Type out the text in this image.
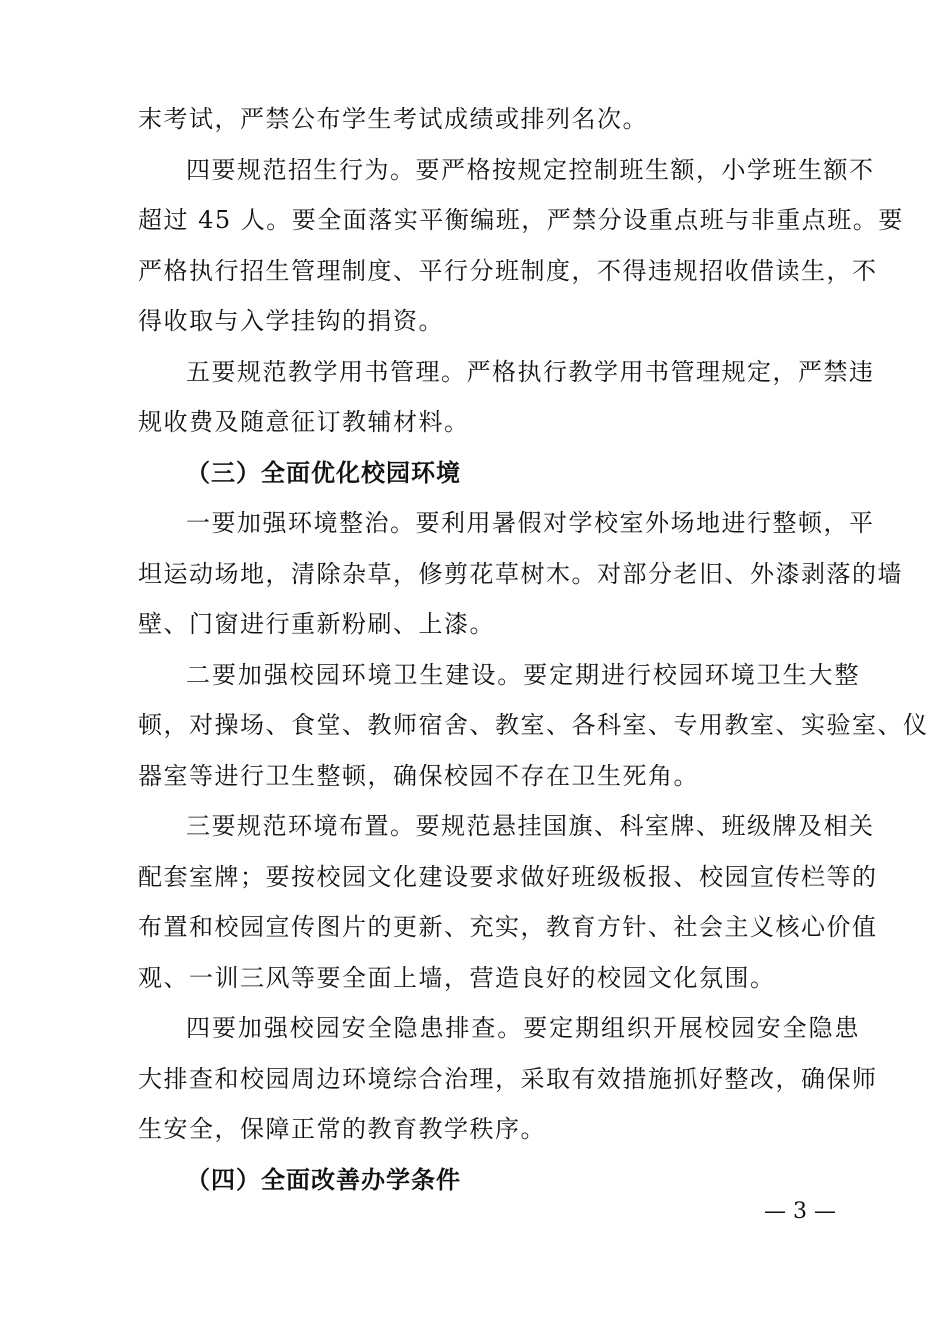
末考试，严禁公布学生考试成绩或排列名次。
四要规范招生行为。要严格按规定控制班生额，小学班生额不
超过 45 人。要全面落实平衡编班，严禁分设重点班与非重点班。要
严格执行招生管理制度、平行分班制度，不得违规招收借读生，不
得收取与入学挂钩的捐资。
五要规范教学用书管理。严格执行教学用书管理规定，严禁违
规收费及随意征订教辅材料。
（三）全面优化校园环境
一要加强环境整治。要利用暑假对学校室外场地进行整顿，平
坦运动场地，清除杂草，修剪花草树木。对部分老旧、外漆剥落的墙
壁、门窗进行重新粉刷、上漆。
二要加强校园环境卫生建设。要定期进行校园环境卫生大整
顿，对操场、食堂、教师宿舍、教室、各科室、专用教室、实验室、仪
器室等进行卫生整顿，确保校园不存在卫生死角。
三要规范环境布置。要规范悬挂国旗、科室牌、班级牌及相关
配套室牌；要按校园文化建设要求做好班级板报、校园宣传栏等的
布置和校园宣传图片的更新、充实，教育方针、社会主义核心价值
观、一训三风等要全面上墙，营造良好的校园文化氛围。
四要加强校园安全隐患排查。要定期组织开展校园安全隐患
大排查和校园周边环境综合治理，采取有效措施抓好整改，确保师
生安全，保障正常的教育教学秩序。
（四）全面改善办学条件
— 3 —
